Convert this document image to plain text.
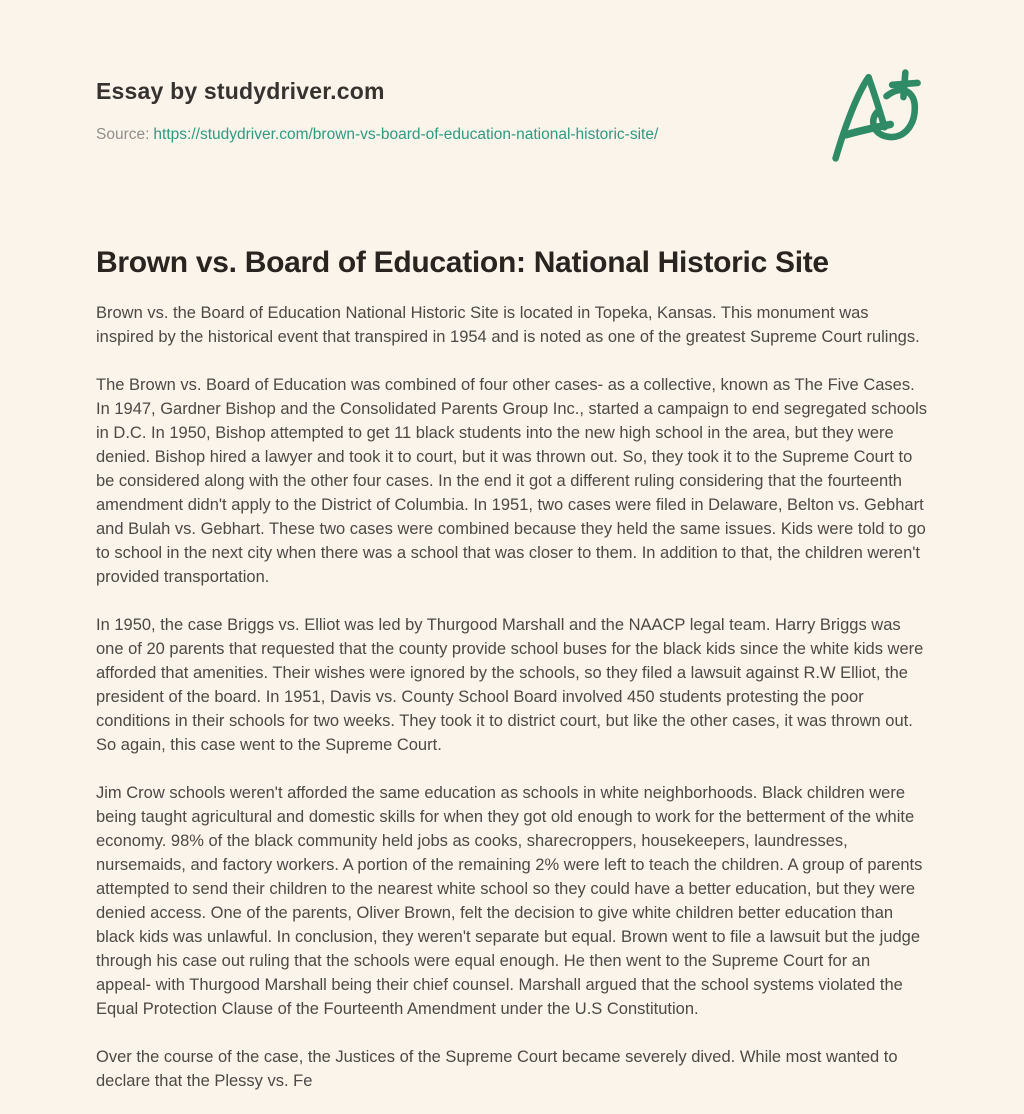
Essay by studydriver.com
Source: https://studydriver.com/brown-vs-board-of-education-national-historic-site/
Brown vs. Board of Education: National Historic Site

Brown vs. the Board of Education National Historic Site is located in Topeka, Kansas. This monument was inspired by the historical event that transpired in 1954 and is noted as one of the greatest Supreme Court rulings.

The Brown vs. Board of Education was combined of four other cases- as a collective, known as The Five Cases. In 1947, Gardner Bishop and the Consolidated Parents Group Inc., started a campaign to end segregated schools in D.C. In 1950, Bishop attempted to get 11 black students into the new high school in the area, but they were denied. Bishop hired a lawyer and took it to court, but it was thrown out. So, they took it to the Supreme Court to be considered along with the other four cases. In the end it got a different ruling considering that the fourteenth amendment didn't apply to the District of Columbia. In 1951, two cases were filed in Delaware, Belton vs. Gebhart and Bulah vs. Gebhart. These two cases were combined because they held the same issues. Kids were told to go to school in the next city when there was a school that was closer to them. In addition to that, the children weren't provided transportation.

In 1950, the case Briggs vs. Elliot was led by Thurgood Marshall and the NAACP legal team. Harry Briggs was one of 20 parents that requested that the county provide school buses for the black kids since the white kids were afforded that amenities. Their wishes were ignored by the schools, so they filed a lawsuit against R.W Elliot, the president of the board. In 1951, Davis vs. County School Board involved 450 students protesting the poor conditions in their schools for two weeks. They took it to district court, but like the other cases, it was thrown out. So again, this case went to the Supreme Court.

Jim Crow schools weren't afforded the same education as schools in white neighborhoods. Black children were being taught agricultural and domestic skills for when they got old enough to work for the betterment of the white economy. 98% of the black community held jobs as cooks, sharecroppers, housekeepers, laundresses, nursemaids, and factory workers. A portion of the remaining 2% were left to teach the children. A group of parents attempted to send their children to the nearest white school so they could have a better education, but they were denied access. One of the parents, Oliver Brown, felt the decision to give white children better education than black kids was unlawful. In conclusion, they weren't separate but equal. Brown went to file a lawsuit but the judge through his case out ruling that the schools were equal enough. He then went to the Supreme Court for an appeal- with Thurgood Marshall being their chief counsel. Marshall argued that the school systems violated the Equal Protection Clause of the Fourteenth Amendment under the U.S Constitution.

Over the course of the case, the Justices of the Supreme Court became severely dived. While most wanted to declare that the Plessy vs. Fe
